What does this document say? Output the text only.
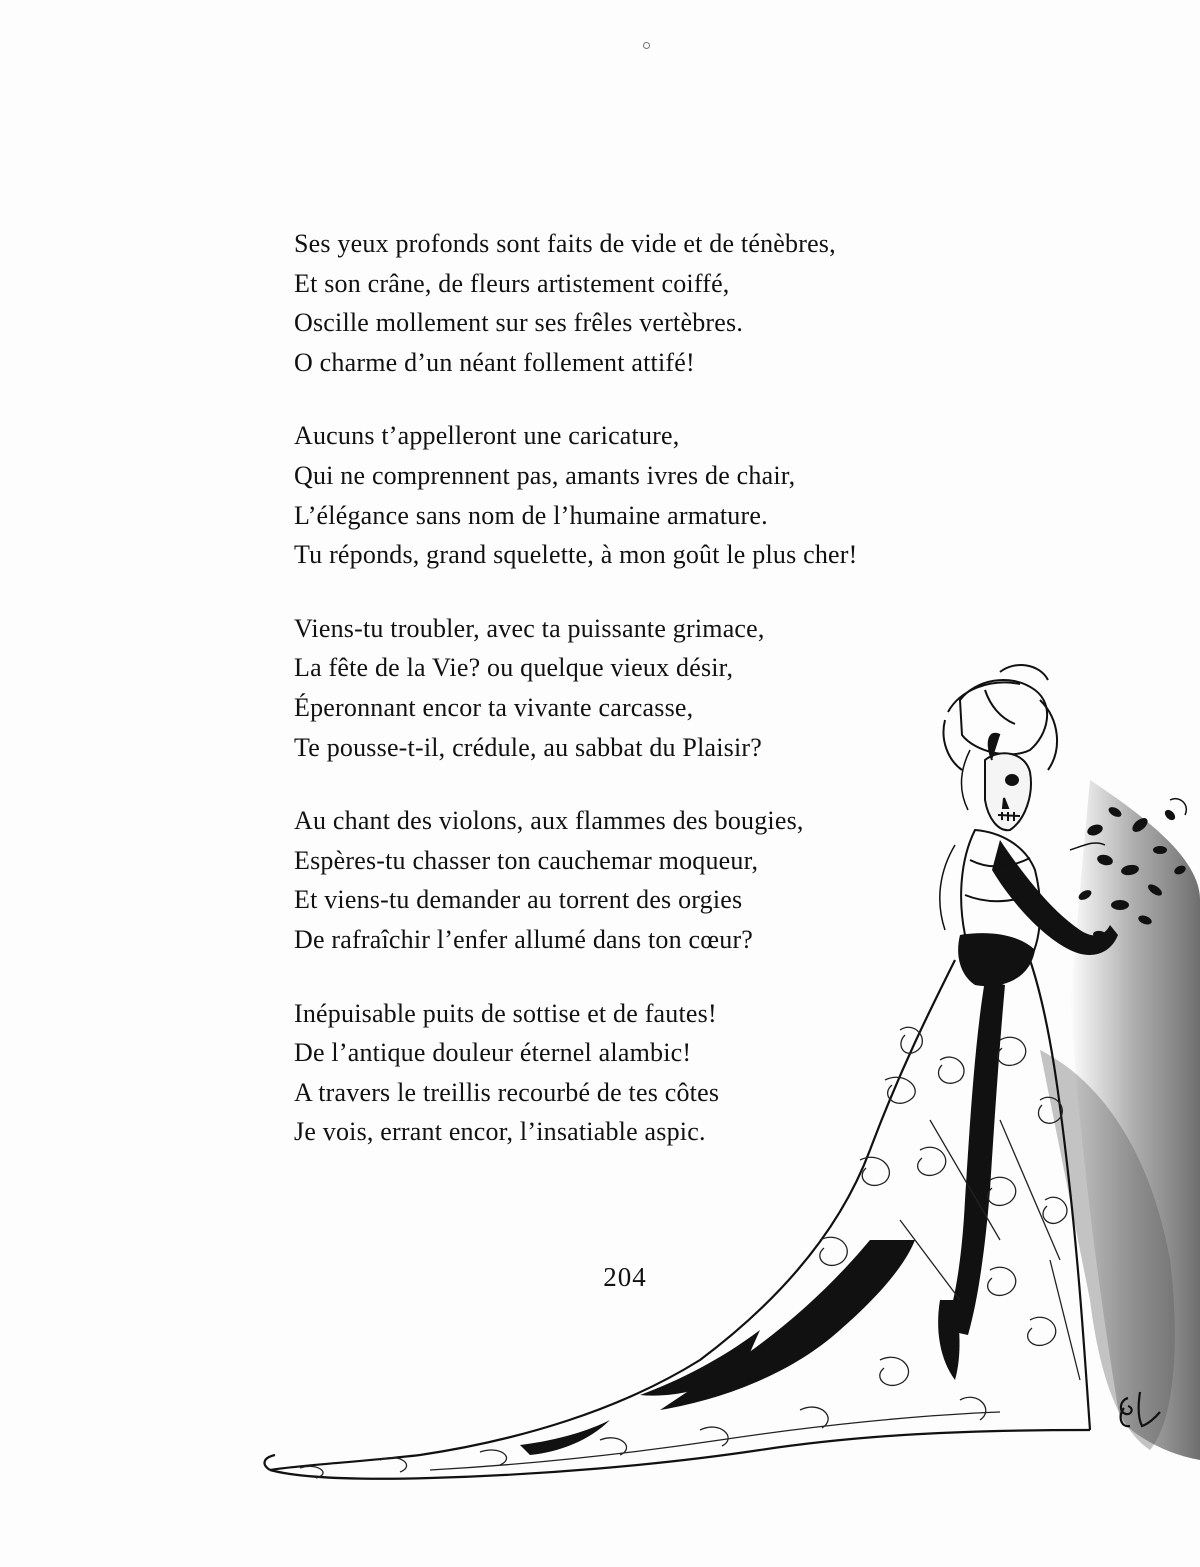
Ses yeux profonds sont faits de vide et de ténèbres,
Et son crâne, de fleurs artistement coiffé,
Oscille mollement sur ses frêles vertèbres.
O charme d’un néant follement attifé!
Aucuns t’appelleront une caricature,
Qui ne comprennent pas, amants ivres de chair,
L’élégance sans nom de l’humaine armature.
Tu réponds, grand squelette, à mon goût le plus cher!
Viens-tu troubler, avec ta puissante grimace,
La fête de la Vie? ou quelque vieux désir,
Éperonnant encor ta vivante carcasse,
Te pousse-t-il, crédule, au sabbat du Plaisir?
Au chant des violons, aux flammes des bougies,
Espères-tu chasser ton cauchemar moqueur,
Et viens-tu demander au torrent des orgies
De rafraîchir l’enfer allumé dans ton cœur?
Inépuisable puits de sottise et de fautes!
De l’antique douleur éternel alambic!
A travers le treillis recourbé de tes côtes
Je vois, errant encor, l’insatiable aspic.
204
